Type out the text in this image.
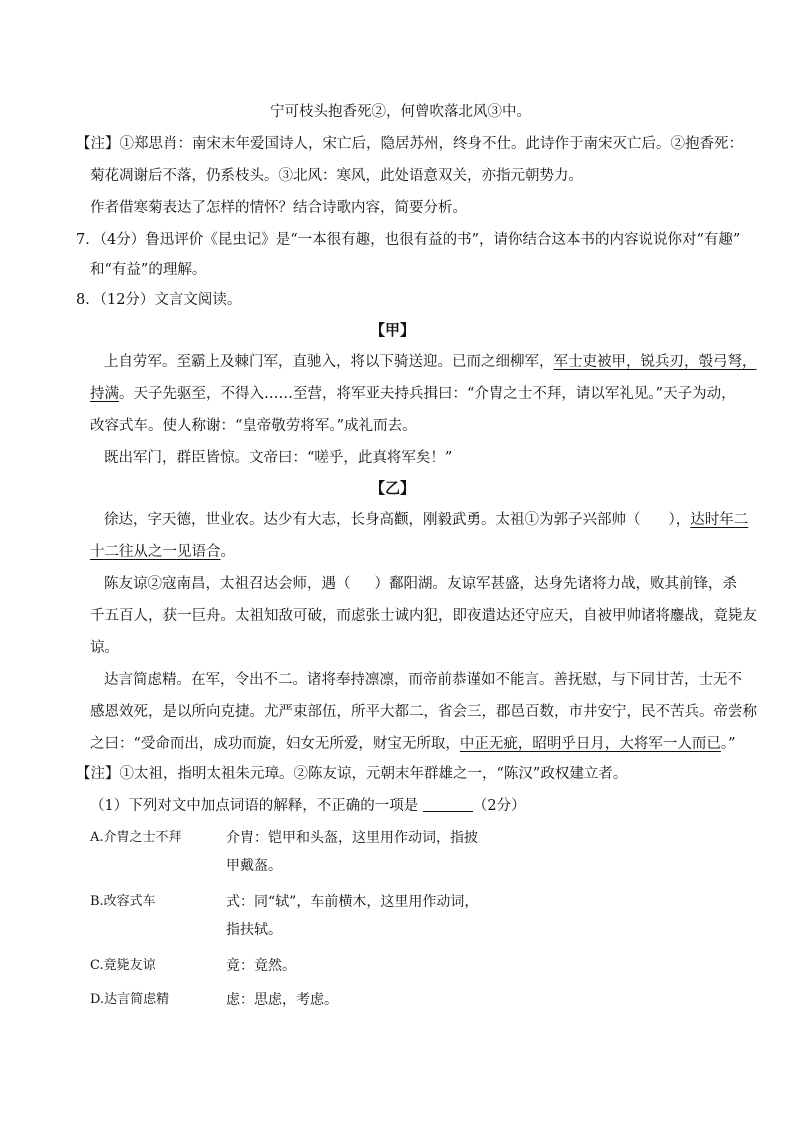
宁可枝头抱香死②，何曾吹落北风③中。

【注】①郑思肖：南宋末年爱国诗人，宋亡后，隐居苏州，终身不仕。此诗作于南宋灭亡后。②抱香死：

菊花凋谢后不落，仍系枝头。③北风：寒风，此处语意双关，亦指元朝势力。

作者借寒菊表达了怎样的情怀？结合诗歌内容，简要分析。

7．（4分）鲁迅评价《昆虫记》是“一本很有趣，也很有益的书”，请你结合这本书的内容说说你对“有趣”

和“有益”的理解。

8．（12分）文言文阅读。

【甲】

上自劳军。至霸上及棘门军，直驰入，将以下骑送迎。已而之细柳军，军士吏被甲，锐兵刃，彀弓弩，

持满。天子先驱至，不得入……至营，将军亚夫持兵揖曰：“介胄之士不拜，请以军礼见。”天子为动，

改容式车。使人称谢：“皇帝敬劳将军。”成礼而去。

既出军门，群臣皆惊。文帝曰：“嗟乎，此真将军矣！”

【乙】

徐达，字天德，世业农。达少有大志，长身高颧，刚毅武勇。太祖①为郭子兴部帅（ ），达时年二

十二往从之一见语合。

陈友谅②寇南昌，太祖召达会师，遇（ ）鄱阳湖。友谅军甚盛，达身先诸将力战，败其前锋，杀

千五百人，获一巨舟。太祖知敌可破，而虑张士诚内犯，即夜遣达还守应天，自被甲帅诸将鏖战，竟毙友

谅。

达言简虑精。在军，令出不二。诸将奉持凛凛，而帝前恭谨如不能言。善抚慰，与下同甘苦，士无不

感恩效死，是以所向克捷。尤严束部伍，所平大都二，省会三，郡邑百数，市井安宁，民不苦兵。帝尝称

之曰：“受命而出，成功而旋，妇女无所爱，财宝无所取，中正无疵，昭明乎日月，大将军一人而已。”

【注】①太祖，指明太祖朱元璋。②陈友谅，元朝末年群雄之一，“陈汉”政权建立者。

（1）下列对文中加点词语的解释，不正确的一项是	（2分）

A.介胄之士不拜	介胄：铠甲和头盔，这里用作动词，指披

甲戴盔。

B.改容式车	式：同“轼”，车前横木，这里用作动词，

指扶轼。

C.竟毙友谅	竟：竟然。

D.达言简虑精	虑：思虑，考虑。
